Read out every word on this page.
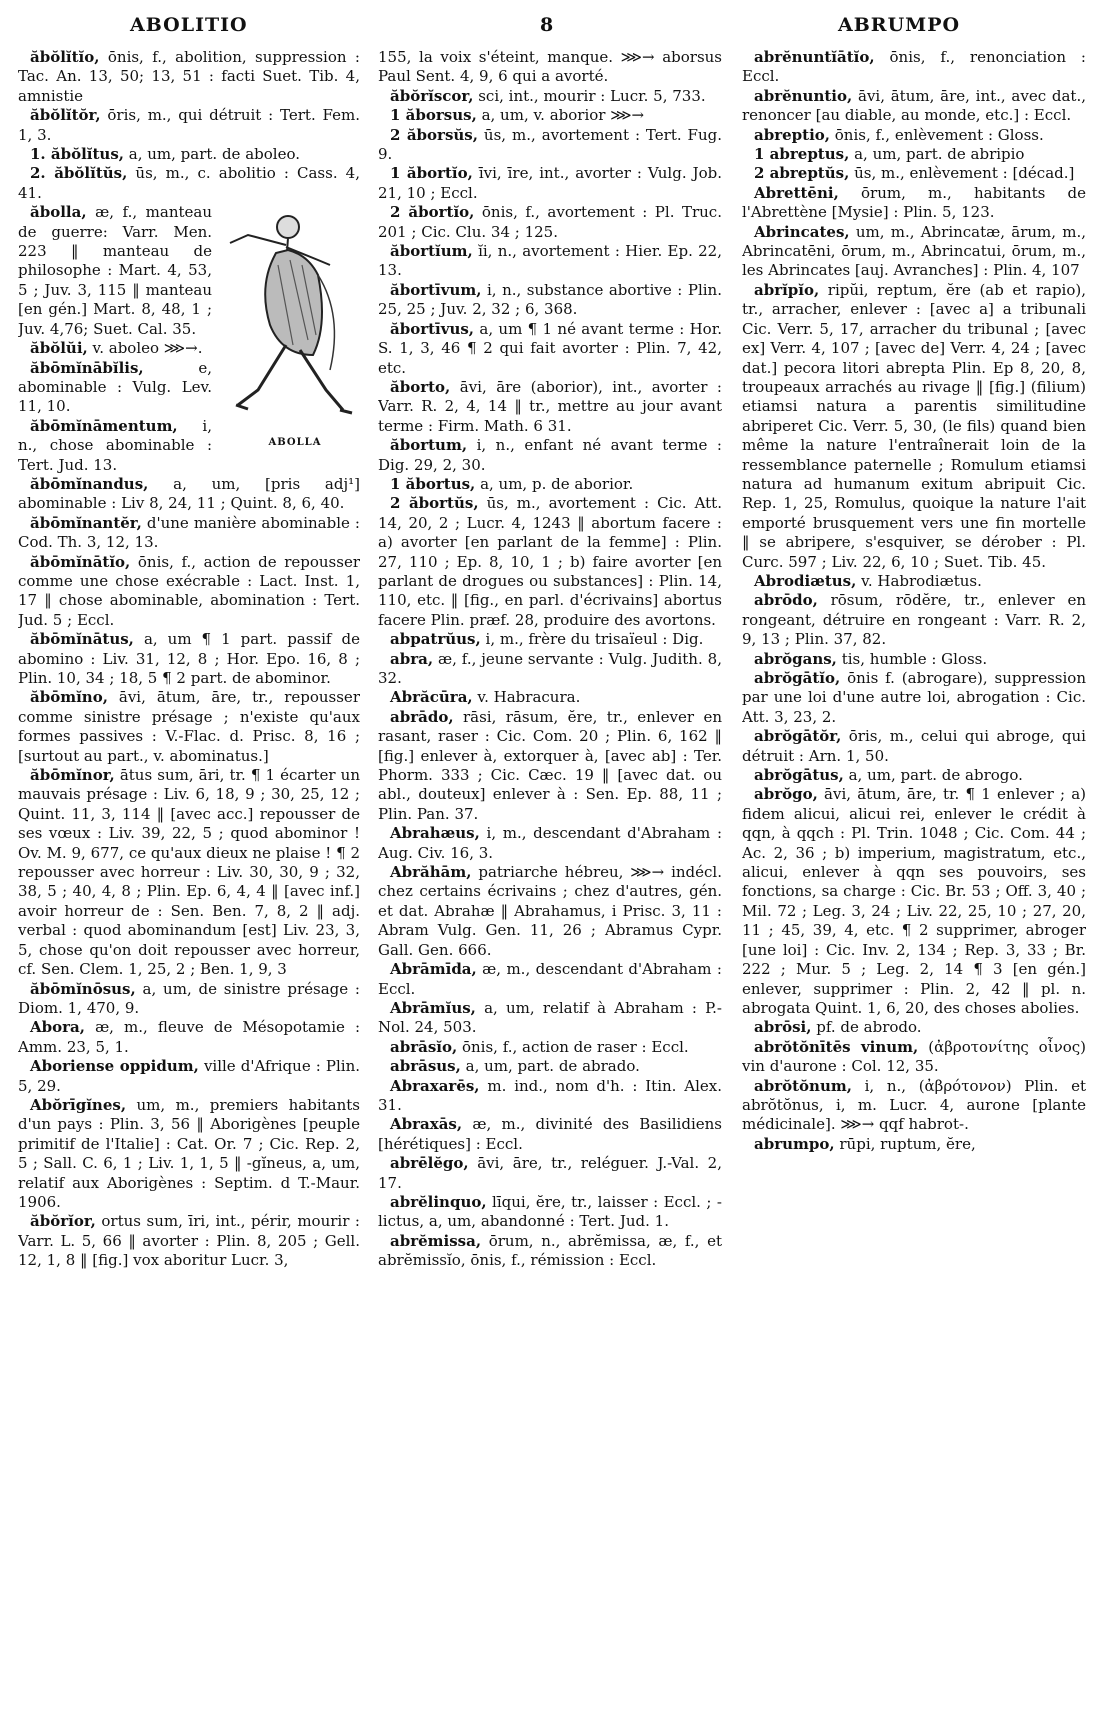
ABOLITIO	8	ABRUMPO

ăbŏlĭtĭo, ōnis, f., abolition, suppression : Tac. An. 13, 50; 13, 51 : facti Suet. Tib. 4, amnistie

ăbŏlĭtŏr, ōris, m., qui détruit : Tert. Fem. 1, 3.

1. ăbŏlĭtus, a, um, part. de aboleo.

2. ăbŏlĭtŭs, ūs, m., c. abolitio : Cass. 4, 41.

ABOLLA
ăbolla, æ, f., manteau de guerre: Varr. Men. 223 ‖ manteau de philosophe : Mart. 4, 53, 5 ; Juv. 3, 115 ‖ manteau [en gén.] Mart. 8, 48, 1 ; Juv. 4,76; Suet. Cal. 35.

ăbŏlŭi, v. aboleo ⋙→.

ăbōmĭnābĭlis,	e, abominable : Vulg. Lev. 11, 10.

ăbōmĭnāmentum, i, n., chose abominable : Tert. Jud. 13.

ăbōmĭnandus, a, um, [pris adj¹] abominable : Liv 8, 24, 11 ; Quint. 8, 6, 40.

ăbōmĭnantĕr, d'une manière abominable : Cod. Th. 3, 12, 13.

ăbōmĭnātĭo, ōnis, f., action de repousser comme une chose exécrable : Lact. Inst. 1, 17 ‖ chose abominable, abomination : Tert. Jud. 5 ; Eccl.

ăbōmĭnātus, a, um ¶ 1 part. passif de abomino : Liv. 31, 12, 8 ; Hor. Epo. 16, 8 ; Plin. 10, 34 ; 18, 5 ¶ 2 part. de abominor.

ăbōmĭno, āvi, ātum, āre, tr., repousser comme sinistre présage ; n'existe qu'aux formes passives : V.-Flac. d. Prisc. 8, 16 ; [surtout au part., v. abominatus.]

ăbōmĭnor, ātus sum, āri, tr. ¶ 1 écarter un mauvais présage : Liv. 6, 18, 9 ; 30, 25, 12 ; Quint. 11, 3, 114 ‖ [avec acc.] repousser de ses vœux : Liv. 39, 22, 5 ; quod abominor ! Ov. M. 9, 677, ce qu'aux dieux ne plaise ! ¶ 2 repousser avec horreur : Liv. 30, 30, 9 ; 32, 38, 5 ; 40, 4, 8 ; Plin. Ep. 6, 4, 4 ‖ [avec inf.] avoir horreur de : Sen. Ben. 7, 8, 2 ‖ adj. verbal : quod abominandum [est] Liv. 23, 3, 5, chose qu'on doit repousser avec horreur, cf. Sen. Clem. 1, 25, 2 ; Ben. 1, 9, 3

ăbōmĭnōsus, a, um, de sinistre présage : Diom. 1, 470, 9.

Abora, æ, m., fleuve de Mésopotamie : Amm. 23, 5, 1.

Aboriense oppidum, ville d'Afrique : Plin. 5, 29.

Abŏrīgĭnes, um, m., premiers habitants d'un pays : Plin. 3, 56 ‖ Aborigènes [peuple primitif de l'Italie] : Cat. Or. 7 ; Cic. Rep. 2, 5 ; Sall. C. 6, 1 ; Liv. 1, 1, 5 ‖ -gĭneus, a, um, relatif aux Aborigènes : Septim. d T.-Maur. 1906.

ăbŏrĭor, ortus sum, īri, int., périr, mourir : Varr. L. 5, 66 ‖ avorter : Plin. 8, 205 ; Gell. 12, 1, 8 ‖ [fig.] vox aboritur Lucr. 3,

155, la voix s'éteint, manque. ⋙→ aborsus Paul Sent. 4, 9, 6 qui a avorté.

ăbŏrĭscor, sci, int., mourir : Lucr. 5, 733.

1 ăborsus, a, um, v. aborior ⋙→

2 ăborsŭs, ūs, m., avortement : Tert. Fug. 9.

1 ăbortĭo, īvi, īre, int., avorter : Vulg. Job. 21, 10 ; Eccl.

2 ăbortĭo, ōnis, f., avortement : Pl. Truc. 201 ; Cic. Clu. 34 ; 125.

ăbortĭum, ĭi, n., avortement : Hier. Ep. 22, 13.

ăbortīvum, i, n., substance abortive : Plin. 25, 25 ; Juv. 2, 32 ; 6, 368.

ăbortīvus, a, um ¶ 1 né avant terme : Hor. S. 1, 3, 46 ¶ 2 qui fait avorter : Plin. 7, 42, etc.

ăborto, āvi, āre (aborior), int., avorter : Varr. R. 2, 4, 14 ‖ tr., mettre au jour avant terme : Firm. Math. 6 31.

ăbortum, i, n., enfant né avant terme : Dig. 29, 2, 30.

1 ăbortus, a, um, p. de aborior.

2 ăbortŭs, ūs, m., avortement : Cic. Att. 14, 20, 2 ; Lucr. 4, 1243 ‖ abortum facere : a) avorter [en parlant de la femme] : Plin. 27, 110 ; Ep. 8, 10, 1 ; b) faire avorter [en parlant de drogues ou substances] : Plin. 14, 110, etc. ‖ [fig., en parl. d'écrivains] abortus facere Plin. præf. 28, produire des avortons.

abpatrŭus, i, m., frère du trisaïeul : Dig.

abra, æ, f., jeune servante : Vulg. Judith. 8, 32.

Abrăcūra, v. Habracura.

abrādo, rāsi, rāsum, ĕre, tr., enlever en rasant, raser : Cic. Com. 20 ; Plin. 6, 162 ‖ [fig.] enlever à, extorquer à, [avec ab] : Ter. Phorm. 333 ; Cic. Cæc. 19 ‖ [avec dat. ou abl., douteux] enlever à : Sen. Ep. 88, 11 ; Plin. Pan. 37.

Abrahæus, i, m., descendant d'Abraham : Aug. Civ. 16, 3.

Abrăhām, patriarche hébreu, ⋙→ indécl. chez certains écrivains ; chez d'autres, gén. et dat. Abrahæ ‖ Abrahamus, i Prisc. 3, 11 : Abram Vulg. Gen. 11, 26 ; Abramus Cypr. Gall. Gen. 666.

Abrāmīda, æ, m., descendant d'Abraham : Eccl.

Abrāmĭus, a, um, relatif à Abraham : P.-Nol. 24, 503.

abrāsĭo, ōnis, f., action de raser : Eccl.

abrāsus, a, um, part. de abrado.

Abraxarēs, m. ind., nom d'h. : Itin. Alex. 31.

Abraxās, æ, m., divinité des Basilidiens [hérétiques] : Eccl.

abrēlĕgo, āvi, āre, tr., reléguer. J.-Val. 2, 17.

abrĕlinquo, līqui, ĕre, tr., laisser : Eccl. ; -lictus, a, um, abandonné : Tert. Jud. 1.

abrĕmissa, ōrum, n., abrĕmissa, æ, f., et abrĕmissĭo, ōnis, f., rémission : Eccl.

abrĕnuntĭātĭo, ōnis, f., renonciation : Eccl.

abrĕnuntio, āvi, ātum, āre, int., avec dat., renoncer [au diable, au monde, etc.] : Eccl.

abreptio, ōnis, f., enlèvement : Gloss.

1 abreptus, a, um, part. de abripio

2 abreptŭs, ūs, m., enlèvement : [décad.]

Abrettēni, ōrum, m., habitants de l'Abrettène [Mysie] : Plin. 5, 123.

Abrincates, um, m., Abrincatæ, ārum, m., Abrincatēni, ōrum, m., Abrincatui, ōrum, m., les Abrincates [auj. Avranches] : Plin. 4, 107

abrĭpĭo, ripŭi, reptum, ĕre (ab et rapio), tr., arracher, enlever : [avec a] a tribunali Cic. Verr. 5, 17, arracher du tribunal ; [avec ex] Verr. 4, 107 ; [avec de] Verr. 4, 24 ; [avec dat.] pecora litori abrepta Plin. Ep 8, 20, 8, troupeaux arrachés au rivage ‖ [fig.] (filium) etiamsi natura a parentis similitudine abriperet Cic. Verr. 5, 30, (le fils) quand bien même la nature l'entraînerait loin de la ressemblance paternelle ; Romulum etiamsi natura ad humanum exitum abripuit Cic. Rep. 1, 25, Romulus, quoique la nature l'ait emporté brusquement vers une fin mortelle ‖ se abripere, s'esquiver, se dérober : Pl. Curc. 597 ; Liv. 22, 6, 10 ; Suet. Tib. 45.

Abrodiætus, v. Habrodiætus.

abrōdo, rōsum, rōdĕre, tr., enlever en rongeant, détruire en rongeant : Varr. R. 2, 9, 13 ; Plin. 37, 82.

abrŏgans, tis, humble : Gloss.

abrŏgātĭo, ōnis f. (abrogare), suppression par une loi d'une autre loi, abrogation : Cic. Att. 3, 23, 2.

abrŏgātŏr, ōris, m., celui qui abroge, qui détruit : Arn. 1, 50.

abrŏgātus, a, um, part. de abrogo.

abrŏgo, āvi, ātum, āre, tr. ¶ 1 enlever ; a) fidem alicui, alicui rei, enlever le crédit à qqn, à qqch : Pl. Trin. 1048 ; Cic. Com. 44 ; Ac. 2, 36 ; b) imperium, magistratum, etc., alicui, enlever à qqn ses pouvoirs, ses fonctions, sa charge : Cic. Br. 53 ; Off. 3, 40 ; Mil. 72 ; Leg. 3, 24 ; Liv. 22, 25, 10 ; 27, 20, 11 ; 45, 39, 4, etc. ¶ 2 supprimer, abroger [une loi] : Cic. Inv. 2, 134 ; Rep. 3, 33 ; Br. 222 ; Mur. 5 ; Leg. 2, 14 ¶ 3 [en gén.] enlever, supprimer : Plin. 2, 42 ‖ pl. n. abrogata Quint. 1, 6, 20, des choses abolies.

abrōsi, pf. de abrodo.

abrŏtŏnītēs vinum, (ἀβροτονίτης οἶνος) vin d'aurone : Col. 12, 35.

abrŏtŏnum, i, n., (ἀβρότονον) Plin. et abrŏtŏnus, i, m. Lucr. 4, aurone [plante médicinale]. ⋙→ qqf habrot-.

abrumpo, rūpi, ruptum, ĕre,
